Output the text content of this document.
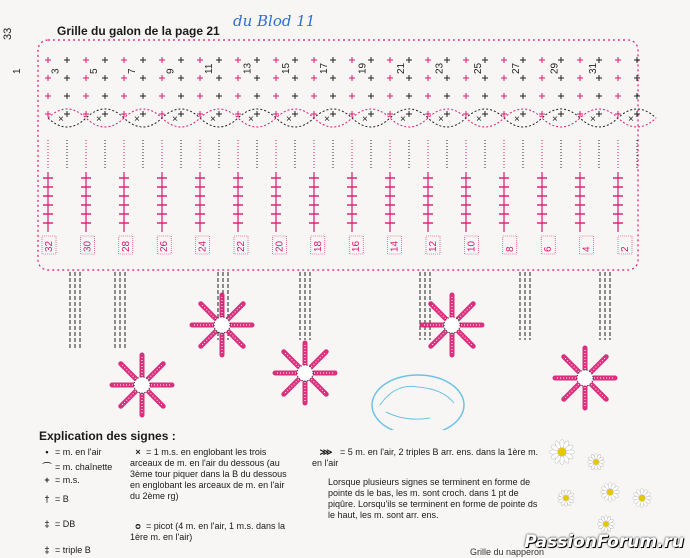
33	Grille du galon de la page 21
du Blod 11
×	×	×	×	×	×	×	×	×	×	×	×	×	×	×	×
31
29
27
25
23
21
19
17
15
13
11
9
7
5
3
1
32	30	28	26	24	22	20	18	16	14	12	10	8	6	4	2
Explication des signes :
• = m. en l'air
⌒ = m. chaînette
+ = m.s.
† = B
‡ = DB
‡ = triple B
× = 1 m.s. en englobant les trois arceaux de m. en l'air du dessous (au 3ème tour piquer dans la B du dessous en englobant les arceaux de m. en l'air du 2ème rg)
ᴑ = picot (4 m. en l'air, 1 m.s. dans la 1ère m. en l'air)
⋙ = 5 m. en l'air, 2 triples B arr. ens. dans la 1ère m. en l'air
Lorsque plusieurs signes se terminent en forme de pointe ds le bas, les m. sont croch. dans 1 pt de piqûre. Lorsqu'ils se terminent en forme de pointe ds le haut, les m. sont arr. ens.
Grille du napperon
PassionForum.ru
